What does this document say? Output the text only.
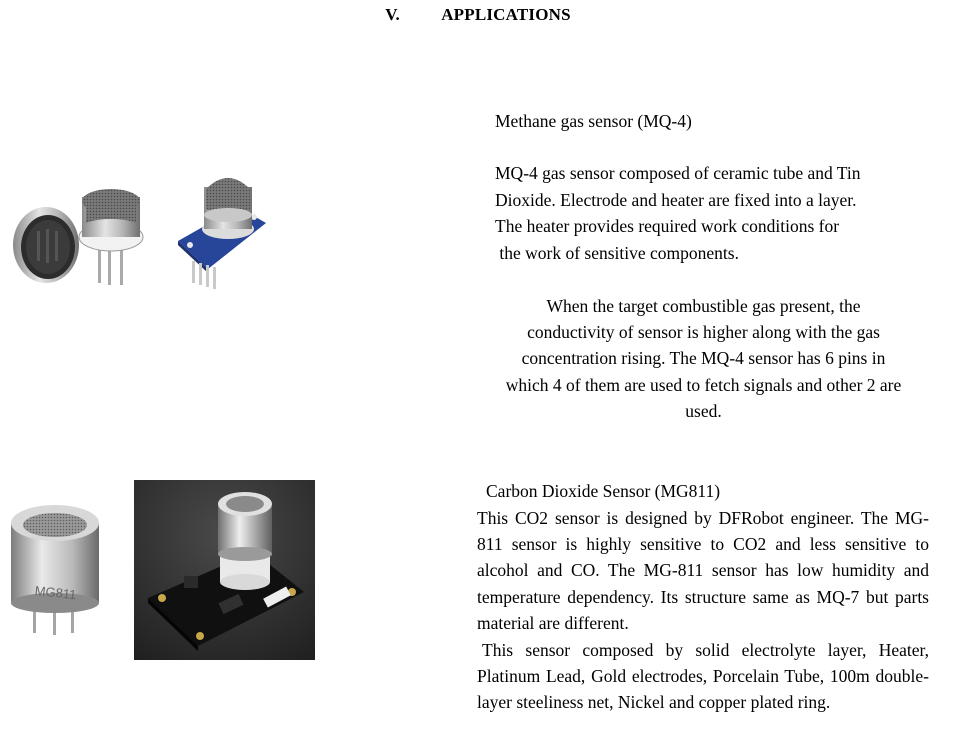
V. APPLICATIONS
Methane gas sensor (MQ-4)
MQ-4 gas sensor composed of ceramic tube and Tin
Dioxide. Electrode and heater are fixed into a layer.
The heater provides required work conditions for
the work of sensitive components.
When the target combustible gas present, the
conductivity of sensor is higher along with the gas
concentration rising. The MQ-4 sensor has 6 pins in
which 4 of them are used to fetch signals and other 2 are
used.
MG811
Carbon Dioxide Sensor (MG811)
This CO2 sensor is designed by DFRobot engineer. The MG-811 sensor is highly sensitive to CO2 and less sensitive to alcohol and CO. The MG-811 sensor has low humidity and temperature dependency. Its structure same as MQ-7 but parts material are different.
This sensor composed by solid electrolyte layer, Heater, Platinum Lead, Gold electrodes, Porcelain Tube, 100m double-layer steeliness net, Nickel and copper plated ring.
